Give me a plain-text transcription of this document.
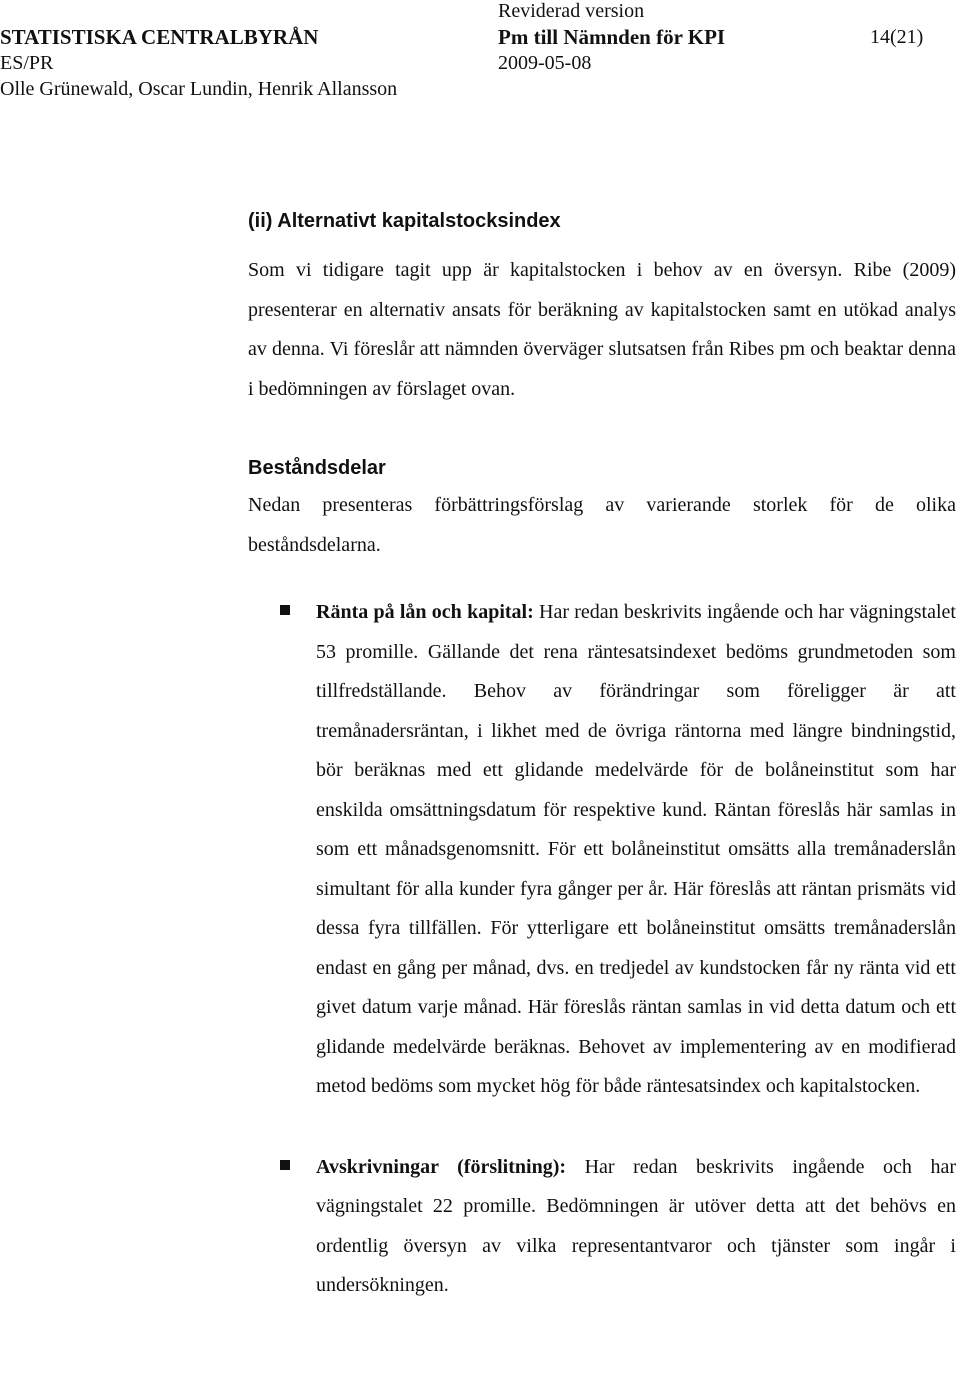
Reviderad version
STATISTISKA CENTRALBYRÅN	Pm till Nämnden för KPI	14(21)
ES/PR	2009-05-08
Olle Grünewald, Oscar Lundin, Henrik Allansson
(ii) Alternativt kapitalstocksindex

Som vi tidigare tagit upp är kapitalstocken i behov av en översyn. Ribe (2009) presenterar en alternativ ansats för beräkning av kapitalstocken samt en utökad analys av denna. Vi föreslår att nämnden överväger slutsatsen från Ribes pm och beaktar denna i bedömningen av förslaget ovan.

Beståndsdelar

Nedan presenteras förbättringsförslag av varierande storlek för de olika beståndsdelarna.

Ränta på lån och kapital: Har redan beskrivits ingående och har vägningstalet 53 promille. Gällande det rena räntesatsindexet bedöms grundmetoden som tillfredställande. Behov av förändringar som föreligger är att tremånadersräntan, i likhet med de övriga räntorna med längre bindningstid, bör beräknas med ett glidande medelvärde för de bolåneinstitut som har enskilda omsättningsdatum för respektive kund. Räntan föreslås här samlas in som ett månadsgenomsnitt. För ett bolåneinstitut omsätts alla tremånaderslån simultant för alla kunder fyra gånger per år. Här föreslås att räntan prismäts vid dessa fyra tillfällen. För ytterligare ett bolåneinstitut omsätts tremånaderslån endast en gång per månad, dvs. en tredjedel av kundstocken får ny ränta vid ett givet datum varje månad. Här föreslås räntan samlas in vid detta datum och ett glidande medelvärde beräknas. Behovet av implementering av en modifierad metod bedöms som mycket hög för både räntesatsindex och kapitalstocken.

Avskrivningar (förslitning): Har redan beskrivits ingående och har vägningstalet 22 promille. Bedömningen är utöver detta att det behövs en ordentlig översyn av vilka representantvaror och tjänster som ingår i undersökningen.
